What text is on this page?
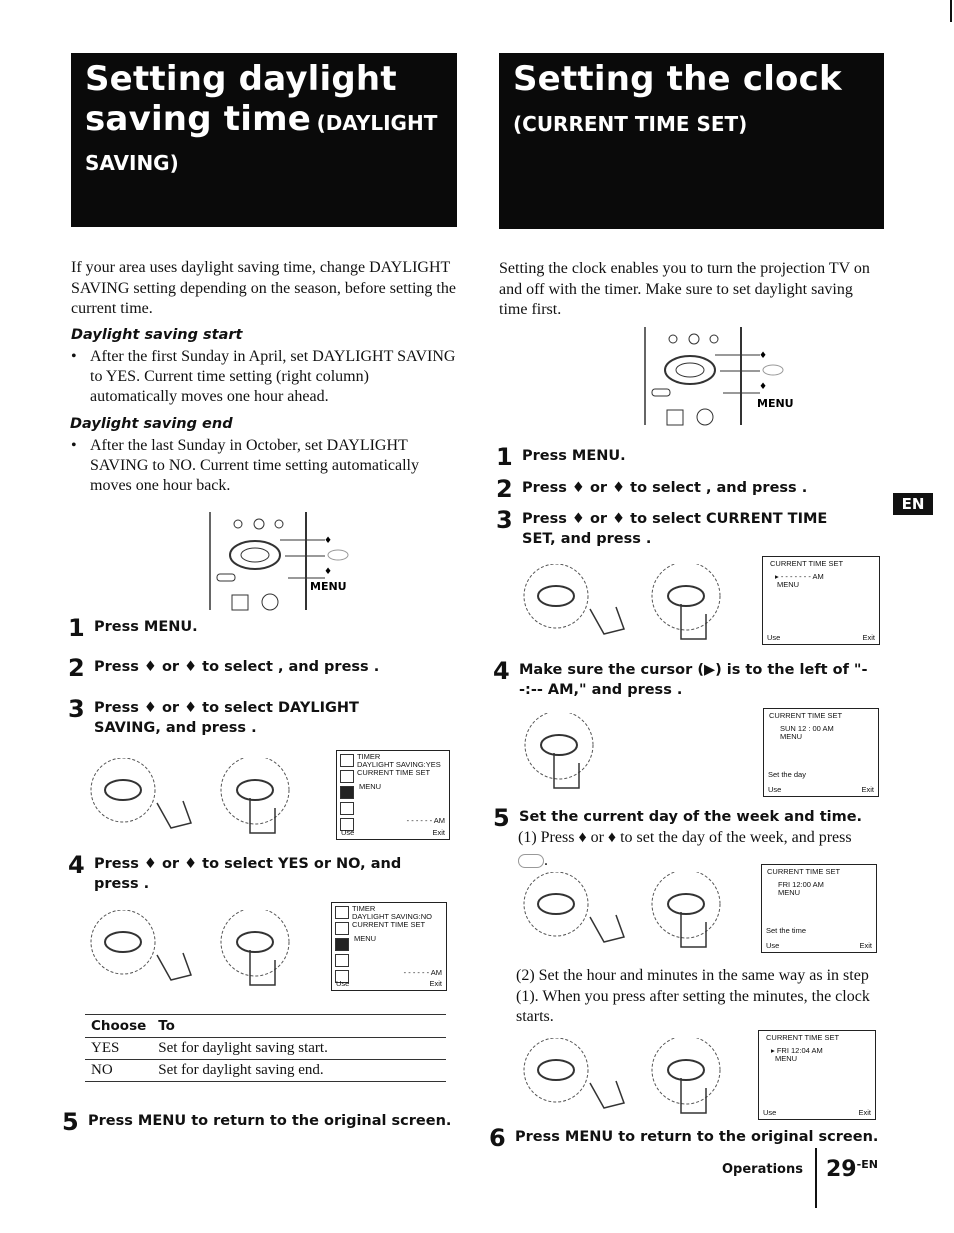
Setting daylight
saving time (DAYLIGHT
SAVING)
Setting the clock
(CURRENT TIME SET)
If your area uses daylight saving time, change DAYLIGHT SAVING setting depending on the season, before setting the current time.
Daylight saving start
• After the first Sunday in April, set DAYLIGHT SAVING to YES. Current time setting (right column) automatically moves one hour ahead.
Daylight saving end
• After the last Sunday in October, set DAYLIGHT SAVING to NO. Current time setting automatically moves one hour back.
♦
♦
MENU
1 Press MENU.
2 Press ♦ or ♦ to select , and press .
3 Press ♦ or ♦ to select DAYLIGHT SAVING, and press .
TIMER
DAYLIGHT SAVING:YES
CURRENT TIME SET
MENU
- - - - - - AM
Use	Exit
4 Press ♦ or ♦ to select YES or NO, and press .
TIMER
DAYLIGHT SAVING:NO
CURRENT TIME SET
MENU
- - - - - - AM
Use	Exit
Choose	To
YES	Set for daylight saving start.
NO	Set for daylight saving end.
5 Press MENU to return to the original screen.
Setting the clock enables you to turn the projection TV on and off with the timer. Make sure to set daylight saving time first.
♦
♦
MENU
1 Press MENU.
2 Press ♦ or ♦ to select , and press .
3 Press ♦ or ♦ to select CURRENT TIME SET, and press .
CURRENT TIME SET
▸ - - - - - - - AM
MENU
Use	Exit
4 Make sure the cursor (▶) is to the left of "--:-- AM," and press .
CURRENT TIME SET
SUN 12 : 00 AM
MENU
Set the day
Use	Exit
5 Set the current day of the week and time.
(1) Press ♦ or ♦ to set the day of the week, and press
.
CURRENT TIME SET
FRI 12:00 AM
MENU
Set the time
Use	Exit
(2) Set the hour and minutes in the same way as in step (1). When you press after setting the minutes, the clock starts.
CURRENT TIME SET
▸ FRI 12:04 AM
MENU
Use	Exit
6 Press MENU to return to the original screen.
EN
Operations $29^{-EN}$
